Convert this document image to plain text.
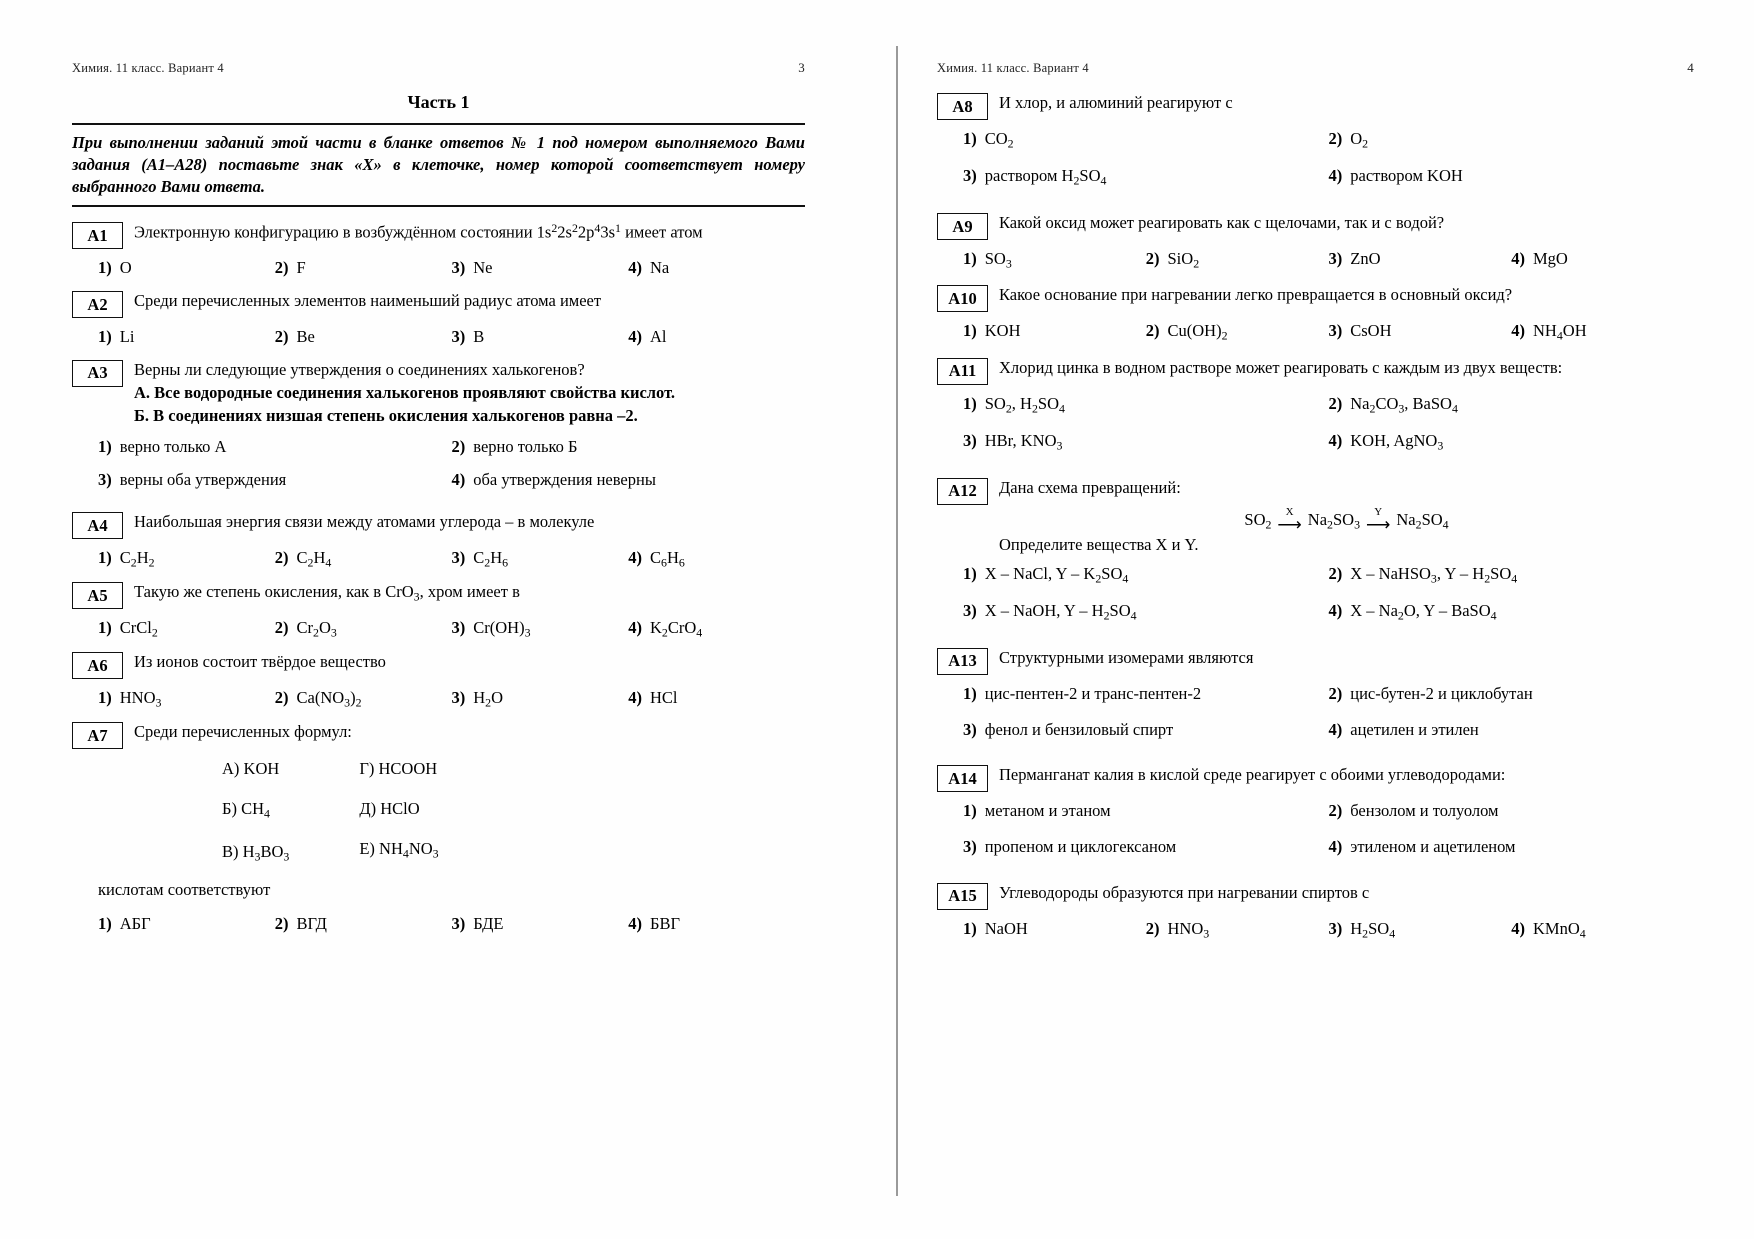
Химия. 11 класс. Вариант 4	3
Часть 1
При выполнении заданий этой части в бланке ответов № 1 под номером выполняемого Вами задания (А1–А28) поставьте знак «Х» в клеточке, номер которой соответствует номеру выбранного Вами ответа.
А1	Электронную конфигурацию в возбуждённом состоянии $1s^22s^22p^43s^1$ имеет атом
1) O	2) F	3) Ne	4) Na
А2	Среди перечисленных элементов наименьший радиус атома имеет
1) Li	2) Be	3) B	4) Al
А3	Верны ли следующие утверждения о соединениях халькогенов?
А. Все водородные соединения халькогенов проявляют свойства кислот.
Б. В соединениях низшая степень окисления халькогенов равна –2.
1) верно только А	2) верно только Б
3) верны оба утверждения	4) оба утверждения неверны
А4	Наибольшая энергия связи между атомами углерода – в молекуле
1) $C_2H_2$	2) $C_2H_4$	3) $C_2H_6$	4) $C_6H_6$
А5	Такую же степень окисления, как в CrO$_3$, хром имеет в
1) CrCl$_2$	2) $Cr_2O_3$	3) $Cr(OH)_3$	4) $K_2CrO_4$
А6	Из ионов состоит твёрдое вещество
1) $HNO_3$	2) $Ca(NO_3)_2$	3) $H_2O$	4) HCl
А7	Среди перечисленных формул:
А) KOH
Б) $CH_4$
В) $H_3BO_3$
Г) HCOOH
Д) HClO
Е) $NH_4NO_3$
кислотам соответствуют
1) АБГ	2) ВГД	3) БДЕ	4) БВГ
Химия. 11 класс. Вариант 4	4
А8	И хлор, и алюминий реагируют с
1) $CO_2$	2) $O_2$
3) раствором $H_2SO_4$	4) раствором KOH
А9	Какой оксид может реагировать как с щелочами, так и с водой?
1) $SO_3$	2) SiO$_2$	3) ZnO	4) MgO
А10	Какое основание при нагревании легко превращается в основный оксид?
1) KOH	2) $Cu(OH)_2$	3) CsOH	4) $NH_4OH$
А11	Хлорид цинка в водном растворе может реагировать с каждым из двух веществ:
1) $SO_2$, $H_2SO_4$	2) $Na_2CO_3$, BaSO$_4$
3) HBr, $KNO_3$	4) KOH, AgNO$_3$
А12	Дана схема превращений:
$SO_2$
X
⟶ $Na_2SO_3$
Y
⟶ $Na_2SO_4$
Определите вещества X и Y.
1) X – NaCl, Y – $K_2SO_4$	2) X – NaHSO$_3$, Y – $H_2SO_4$
3) X – NaOH, Y – $H_2SO_4$	4) X – $Na_2O$, Y – BaSO$_4$
А13	Структурными изомерами являются
1) цис-пентен-2 и транс-пентен-2	2) цис-бутен-2 и циклобутан
3) фенол и бензиловый спирт	4) ацетилен и этилен
А14	Перманганат калия в кислой среде реагирует с обоими углеводородами:
1) метаном и этаном	2) бензолом и толуолом
3) пропеном и циклогексаном	4) этиленом и ацетиленом
А15	Углеводороды образуются при нагревании спиртов с
1) NaOH	2) $HNO_3$	3) $H_2SO_4$	4) KMnO$_4$
